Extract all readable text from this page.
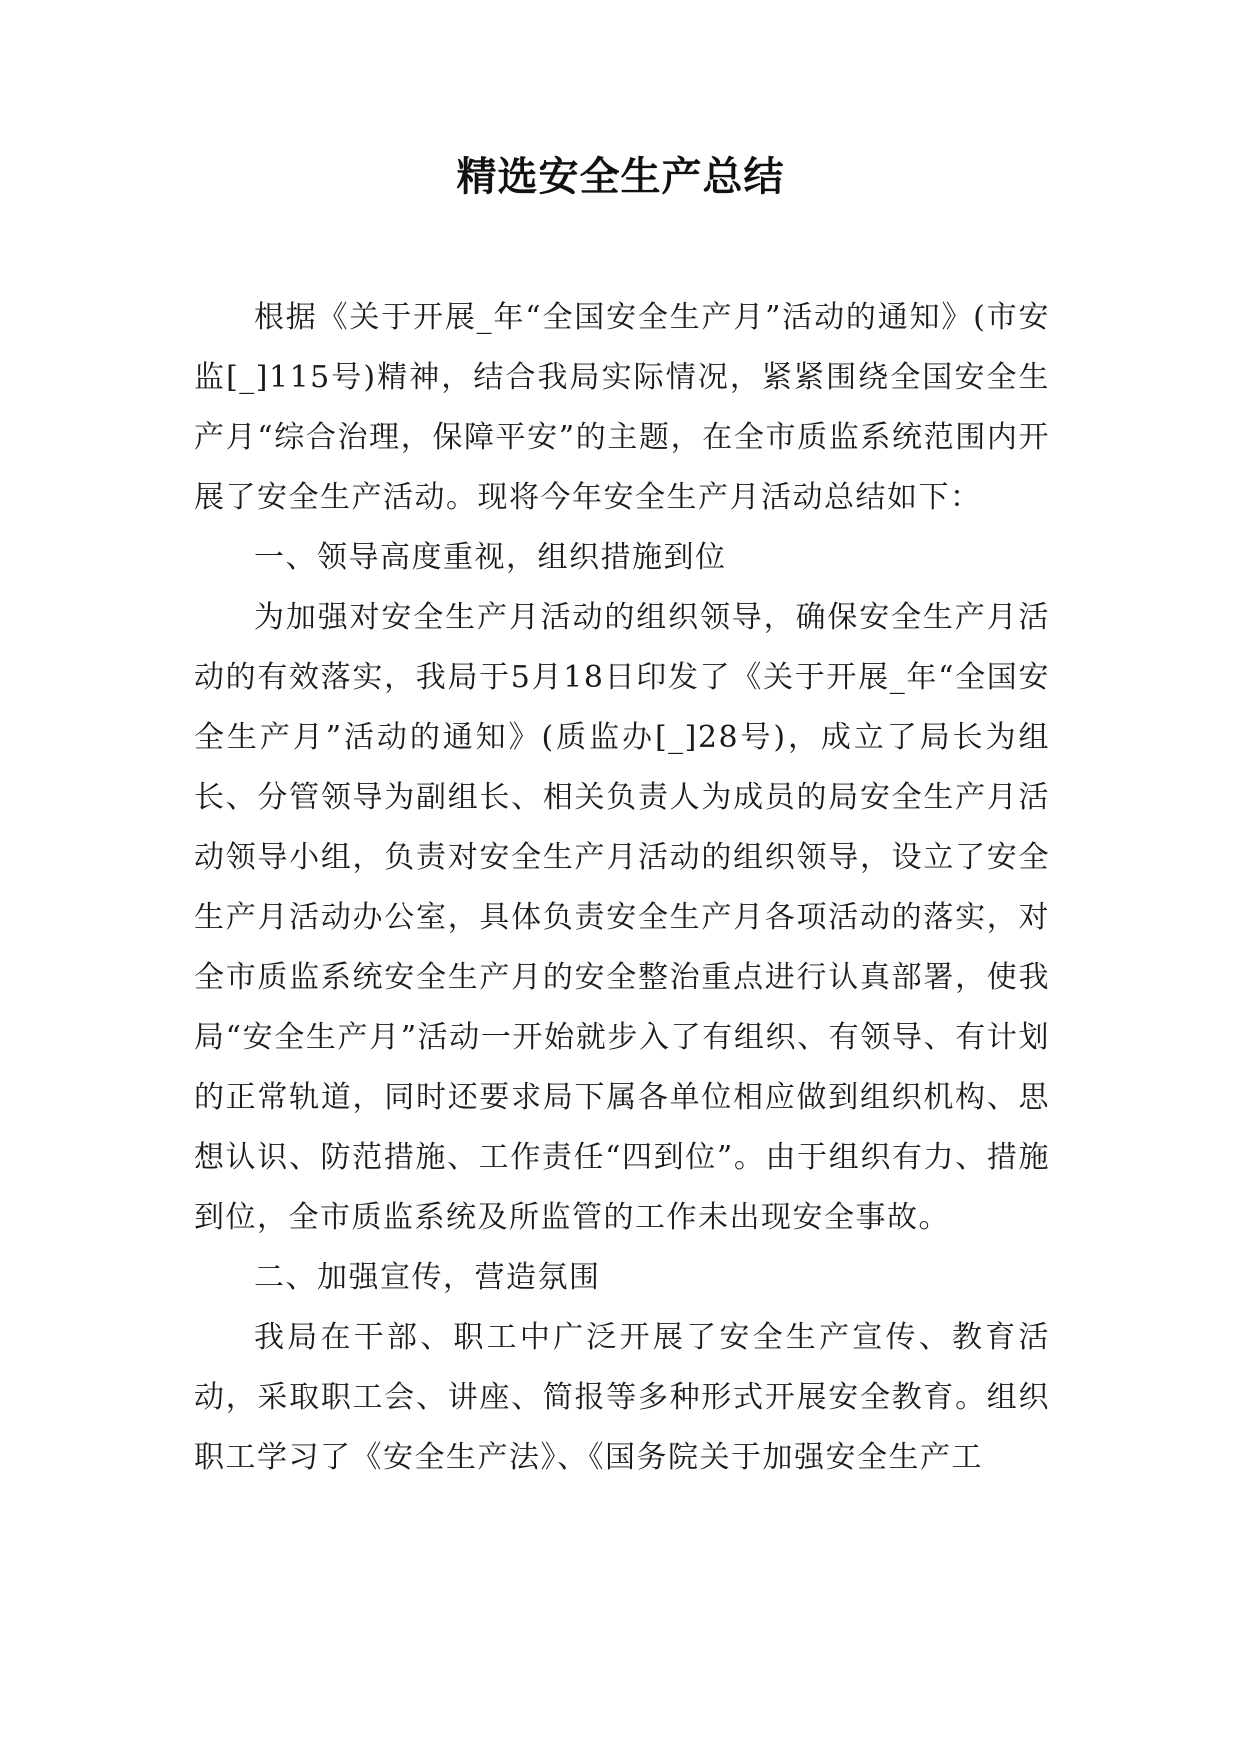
精选安全生产总结

根据《关于开展_年“全国安全生产月”活动的通知》(市安监[_]115号)精神，结合我局实际情况，紧紧围绕全国安全生产月“综合治理，保障平安”的主题，在全市质监系统范围内开展了安全生产活动。现将今年安全生产月活动总结如下：

一、领导高度重视，组织措施到位

为加强对安全生产月活动的组织领导，确保安全生产月活动的有效落实，我局于5月18日印发了《关于开展_年“全国安全生产月”活动的通知》(质监办[_]28号)，成立了局长为组长、分管领导为副组长、相关负责人为成员的局安全生产月活动领导小组，负责对安全生产月活动的组织领导，设立了安全生产月活动办公室，具体负责安全生产月各项活动的落实，对全市质监系统安全生产月的安全整治重点进行认真部署，使我局“安全生产月”活动一开始就步入了有组织、有领导、有计划的正常轨道，同时还要求局下属各单位相应做到组织机构、思想认识、防范措施、工作责任“四到位”。由于组织有力、措施到位，全市质监系统及所监管的工作未出现安全事故。

二、加强宣传，营造氛围

我局在干部、职工中广泛开展了安全生产宣传、教育活动，采取职工会、讲座、简报等多种形式开展安全教育。组织职工学习了《安全生产法》、《国务院关于加强安全生产工
